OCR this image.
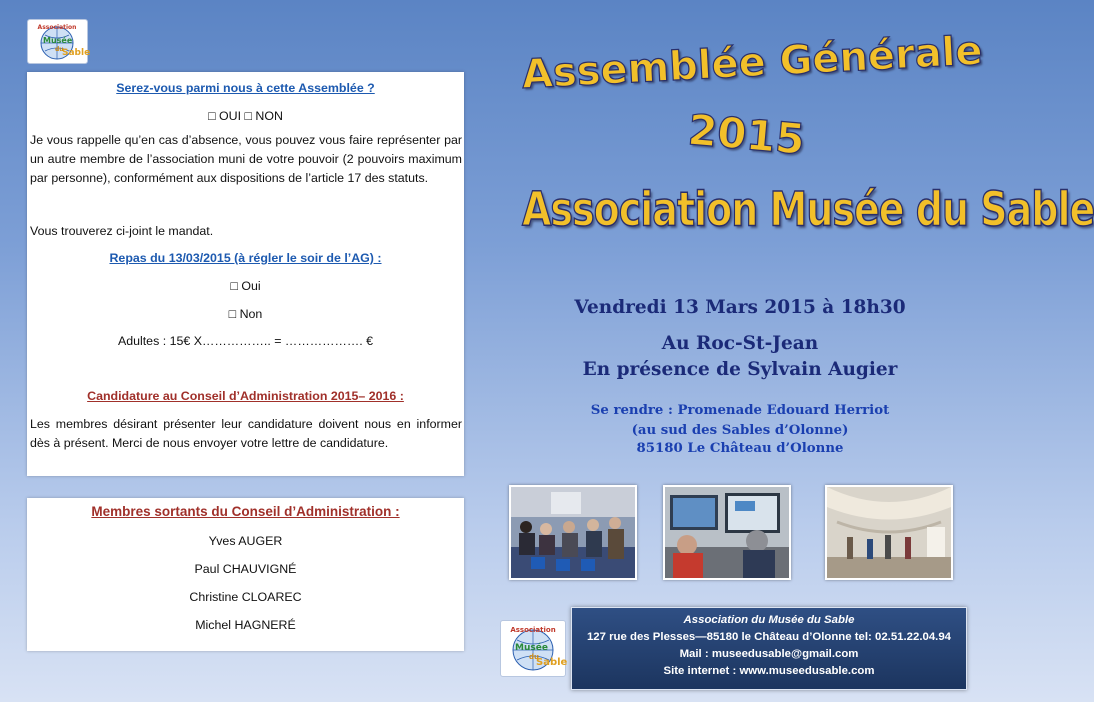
Association
Musée
du
Sable
Serez-vous parmi nous à cette Assemblée ?
□ OUI □ NON
Je vous rappelle qu’en cas d’absence, vous pouvez vous faire représenter par un autre membre de l’association muni de votre pouvoir (2 pouvoirs maximum par personne), conformément aux dispositions de l’article 17 des statuts.
Vous trouverez ci-joint le mandat.
Repas du 13/03/2015 (à régler le soir de l’AG) :
□ Oui
□ Non
Adultes : 15€ X…………….. = ………………. €
Candidature au Conseil d’Administration 2015– 2016 :
Les membres désirant présenter leur candidature doivent nous en informer dès à présent. Merci de nous envoyer votre lettre de candidature.
Membres sortants du Conseil d’Administration :
Yves AUGER
Paul CHAUVIGNÉ
Christine CLOAREC
Michel HAGNERÉ
Assemblée Générale
2015
Association Musée du Sable
Vendredi 13 Mars 2015 à 18h30
Au Roc-St-Jean
En présence de Sylvain Augier
Se rendre : Promenade Edouard Herriot
(au sud des Sables d’Olonne)
85180 Le Château d’Olonne
Association
Musée
du
Sable
Association du Musée du Sable
127 rue des Plesses—85180 le Château d’Olonne tel: 02.51.22.04.94
Mail : museedusable@gmail.com
Site internet : www.museedusable.com
